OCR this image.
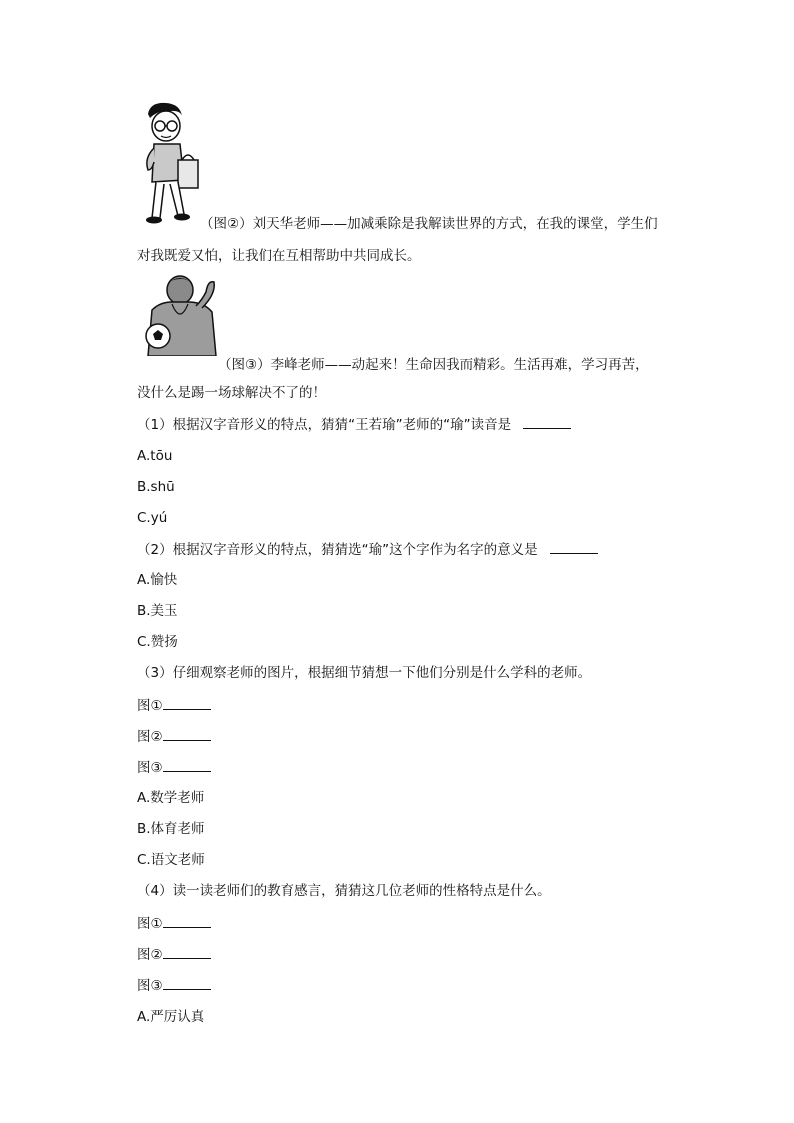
（图②）刘天华老师——加减乘除是我解读世界的方式，在我的课堂，学生们
对我既爱又怕，让我们在互相帮助中共同成长。
（图③）李峰老师——动起来！生命因我而精彩。生活再难，学习再苦，
没什么是踢一场球解决不了的！
（1）根据汉字音形义的特点，猜猜“王若瑜”老师的“瑜”读音是
A.tōu
B.shū
C.yú
（2）根据汉字音形义的特点，猜猜选“瑜”这个字作为名字的意义是
A.愉快
B.美玉
C.赞扬
（3）仔细观察老师的图片，根据细节猜想一下他们分别是什么学科的老师。
图①
图②
图③
A.数学老师
B.体育老师
C.语文老师
（4）读一读老师们的教育感言，猜猜这几位老师的性格特点是什么。
图①
图②
图③
A.严厉认真
